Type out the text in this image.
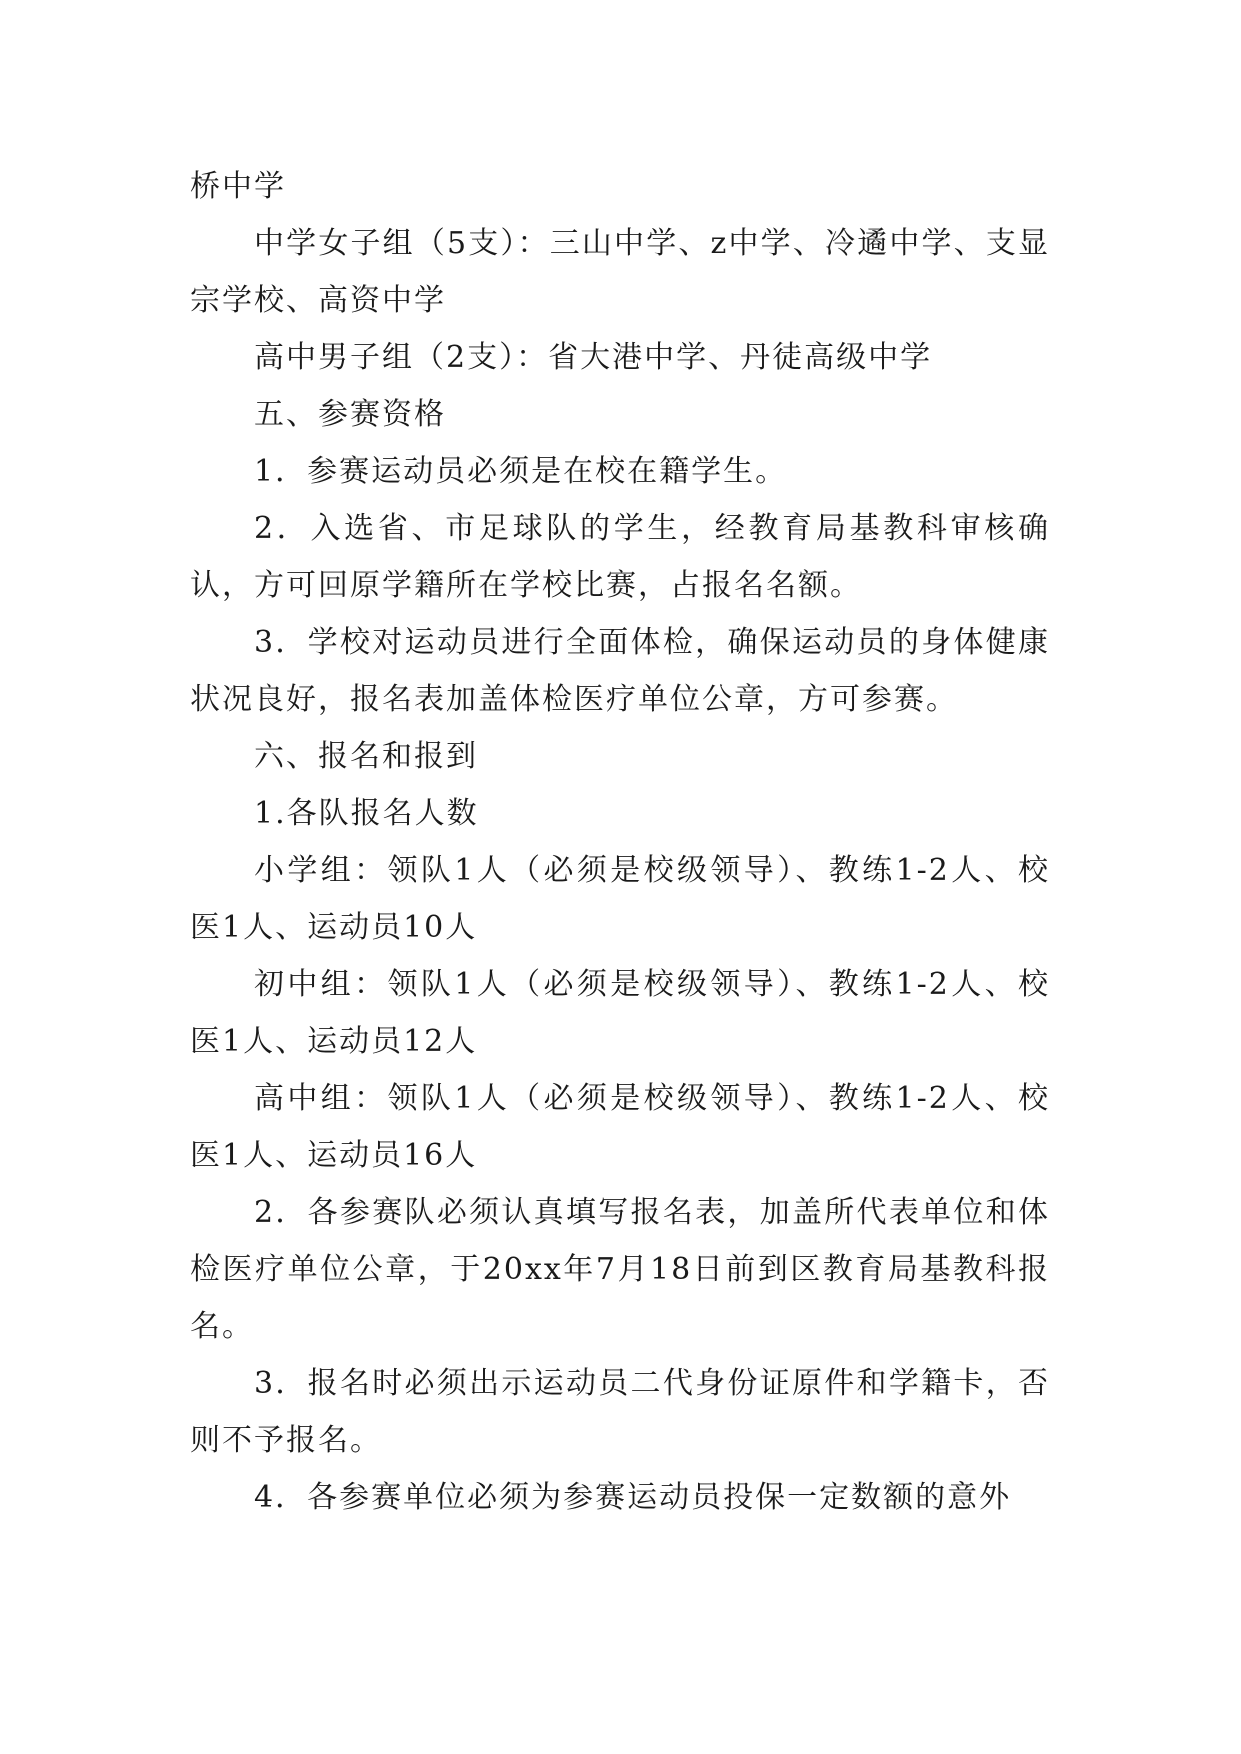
桥中学

中学女子组（5支）：三山中学、z中学、冷遹中学、支显宗学校、高资中学

高中男子组（2支）：省大港中学、丹徒高级中学

五、参赛资格

1．参赛运动员必须是在校在籍学生。

2．入选省、市足球队的学生，经教育局基教科审核确认，方可回原学籍所在学校比赛，占报名名额。

3．学校对运动员进行全面体检，确保运动员的身体健康状况良好，报名表加盖体检医疗单位公章，方可参赛。

六、报名和报到

1.各队报名人数

小学组：领队1人（必须是校级领导）、教练1-2人、校医1人、运动员10人

初中组：领队1人（必须是校级领导）、教练1-2人、校医1人、运动员12人

高中组：领队1人（必须是校级领导）、教练1-2人、校医1人、运动员16人

2．各参赛队必须认真填写报名表，加盖所代表单位和体检医疗单位公章，于20xx年7月18日前到区教育局基教科报名。

3．报名时必须出示运动员二代身份证原件和学籍卡，否则不予报名。

4．各参赛单位必须为参赛运动员投保一定数额的意外
